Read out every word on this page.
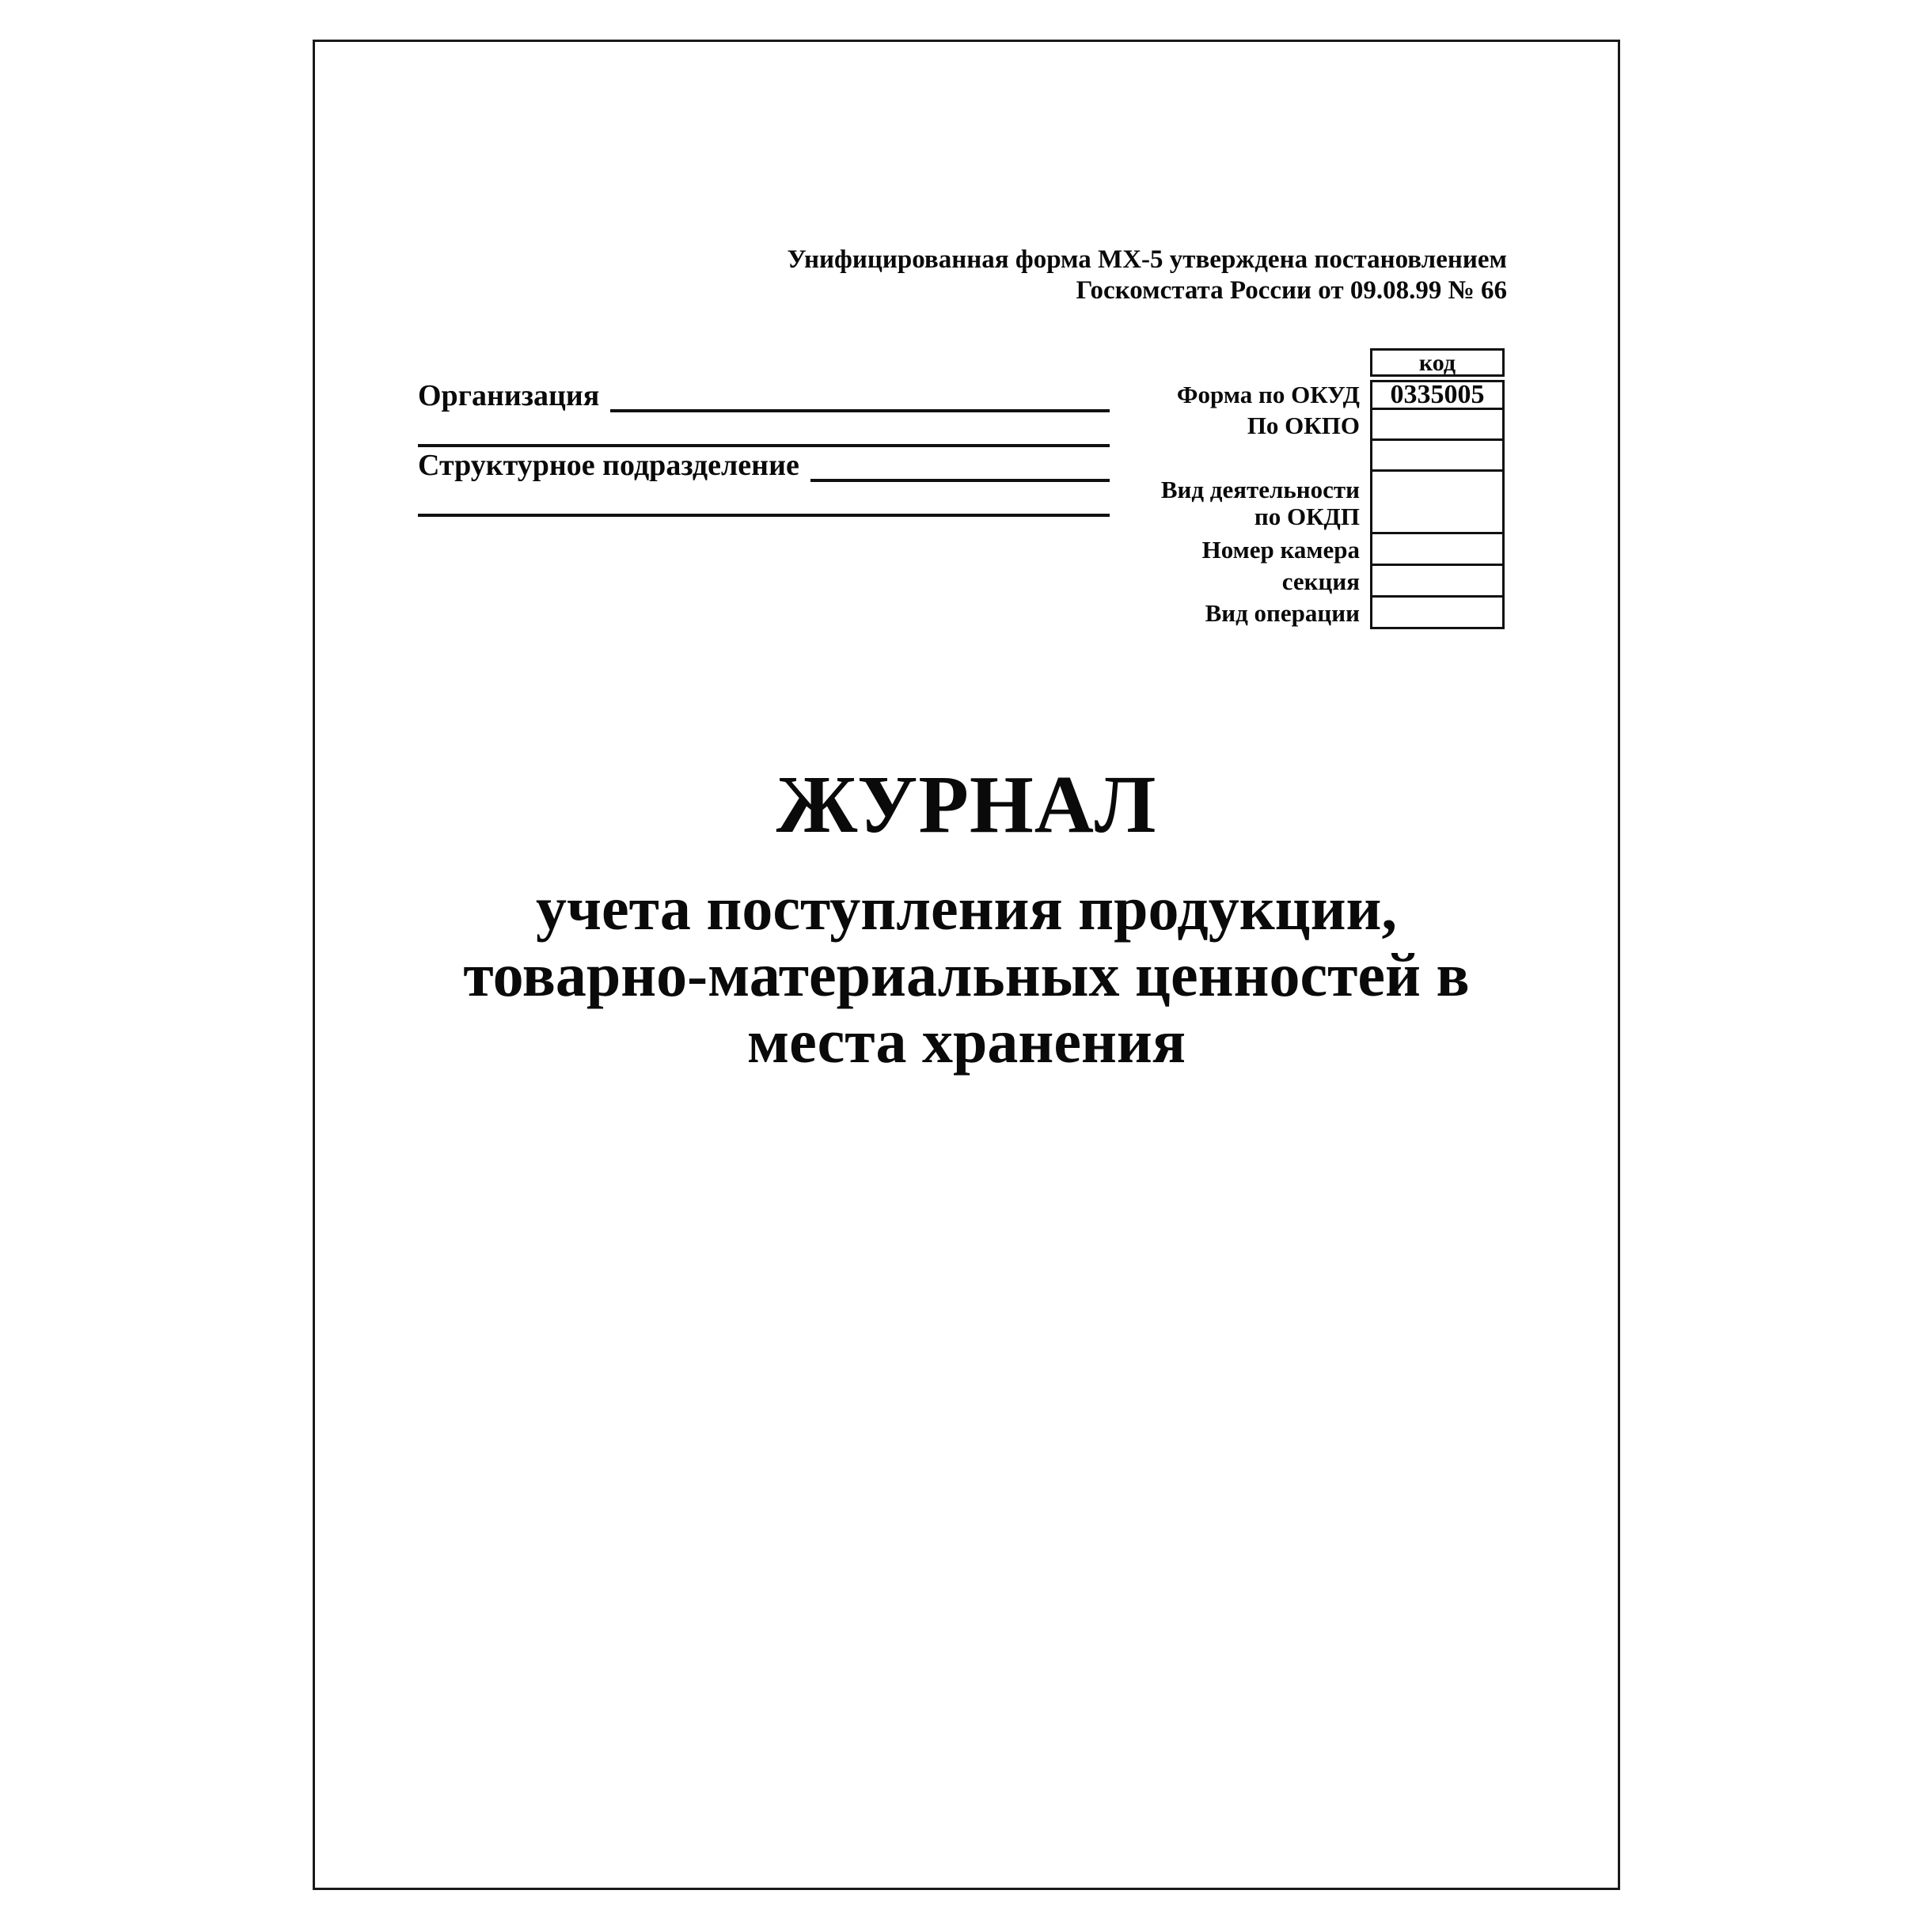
Унифицированная форма МХ-5 утверждена постановлением
Госкомстата России от 09.08.99 № 66
Организация
Структурное подразделение
Форма по ОКУД
По ОКПО
Вид деятельности
по ОКДП
Номер камера
секция
Вид операции
код
0335005
ЖУРНАЛ
учета поступления продукции,
товарно-материальных ценностей в
места хранения
